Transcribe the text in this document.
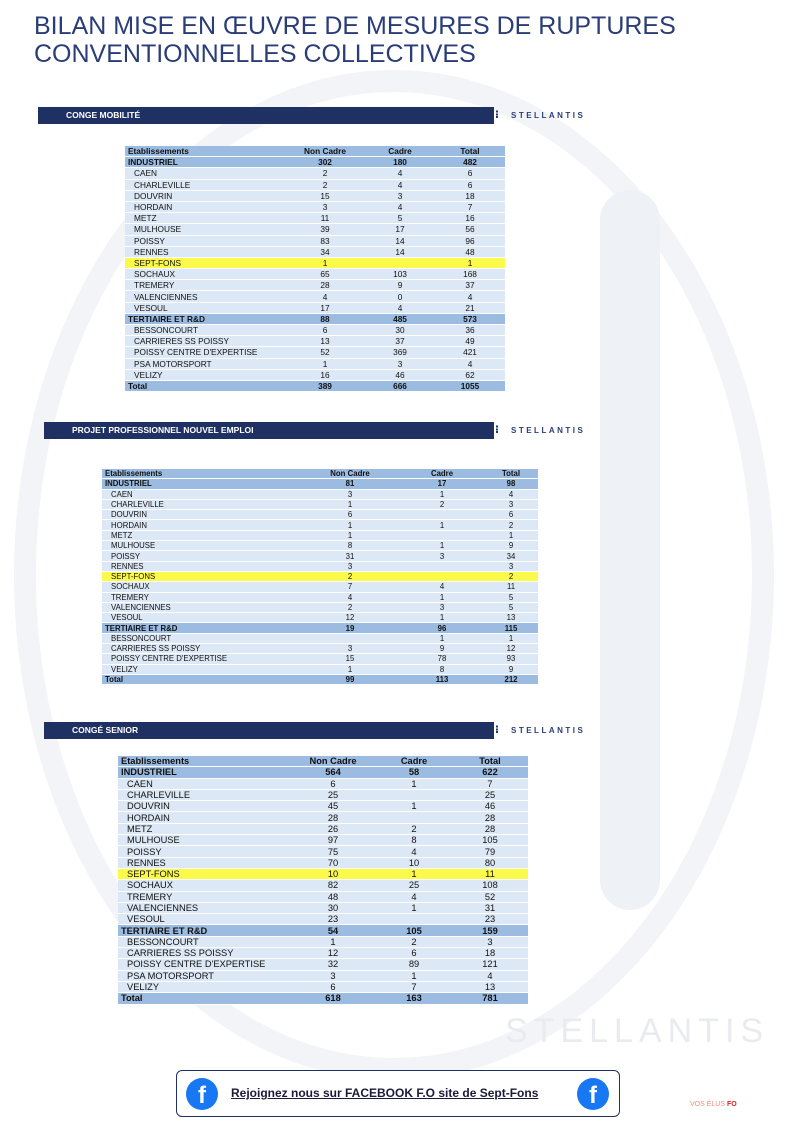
STELLANTIS
BILAN MISE EN ŒUVRE DE MESURES DE RUPTURES
CONVENTIONNELLES COLLECTIVES
CONGE MOBILITÉ	⁝ STELLANTIS
Etablissements	Non Cadre	Cadre	Total
INDUSTRIEL	302	180	482
CAEN	2	4	6
CHARLEVILLE	2	4	6
DOUVRIN	15	3	18
HORDAIN	3	4	7
METZ	11	5	16
MULHOUSE	39	17	56
POISSY	83	14	96
RENNES	34	14	48
SEPT-FONS	1		1
SOCHAUX	65	103	168
TREMERY	28	9	37
VALENCIENNES	4	0	4
VESOUL	17	4	21
TERTIAIRE ET R&D	88	485	573
BESSONCOURT	6	30	36
CARRIERES SS POISSY	13	37	49
POISSY CENTRE D'EXPERTISE	52	369	421
PSA MOTORSPORT	1	3	4
VELIZY	16	46	62
Total	389	666	1055
PROJET PROFESSIONNEL NOUVEL EMPLOI	⁝ STELLANTIS
Etablissements	Non Cadre	Cadre	Total
INDUSTRIEL	81	17	98
CAEN	3	1	4
CHARLEVILLE	1	2	3
DOUVRIN	6		6
HORDAIN	1	1	2
METZ	1		1
MULHOUSE	8	1	9
POISSY	31	3	34
RENNES	3		3
SEPT-FONS	2		2
SOCHAUX	7	4	11
TREMERY	4	1	5
VALENCIENNES	2	3	5
VESOUL	12	1	13
TERTIAIRE ET R&D	19	96	115
BESSONCOURT		1	1
CARRIERES SS POISSY	3	9	12
POISSY CENTRE D'EXPERTISE	15	78	93
VELIZY	1	8	9
Total	99	113	212
CONGÉ SENIOR	⁝ STELLANTIS
Etablissements	Non Cadre	Cadre	Total
INDUSTRIEL	564	58	622
CAEN	6	1	7
CHARLEVILLE	25		25
DOUVRIN	45	1	46
HORDAIN	28		28
METZ	26	2	28
MULHOUSE	97	8	105
POISSY	75	4	79
RENNES	70	10	80
SEPT-FONS	10	1	11
SOCHAUX	82	25	108
TREMERY	48	4	52
VALENCIENNES	30	1	31
VESOUL	23		23
TERTIAIRE ET R&D	54	105	159
BESSONCOURT	1	2	3
CARRIERES SS POISSY	12	6	18
POISSY CENTRE D'EXPERTISE	32	89	121
PSA MOTORSPORT	3	1	4
VELIZY	6	7	13
Total	618	163	781
f	Rejoignez nous sur FACEBOOK F.O site de Sept-Fons	f	VOS ÉLUS FO
